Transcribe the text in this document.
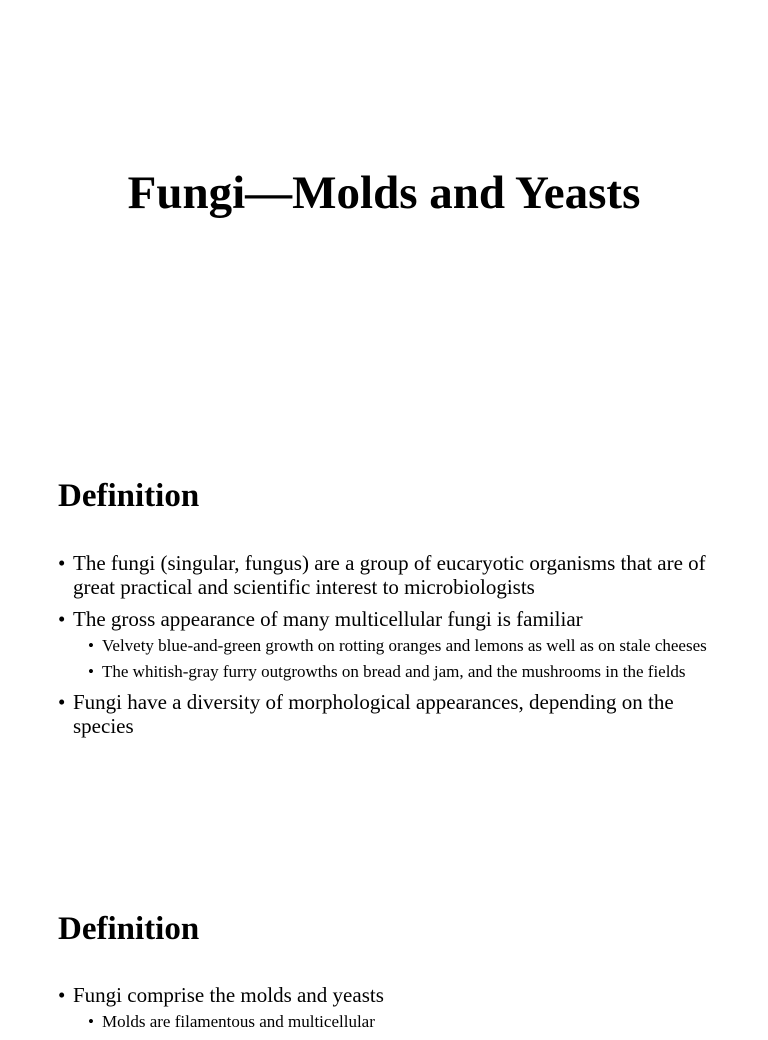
Fungi—Molds and Yeasts
Definition
• The fungi (singular, fungus) are a group of eucaryotic organisms that are of great practical and scientific interest to microbiologists
• The gross appearance of many multicellular fungi is familiar
• Velvety blue-and-green growth on rotting oranges and lemons as well as on stale cheeses
• The whitish-gray furry outgrowths on bread and jam, and the mushrooms in the fields
• Fungi have a diversity of morphological appearances, depending on the species
Definition
• Fungi comprise the molds and yeasts
• Molds are filamentous and multicellular
